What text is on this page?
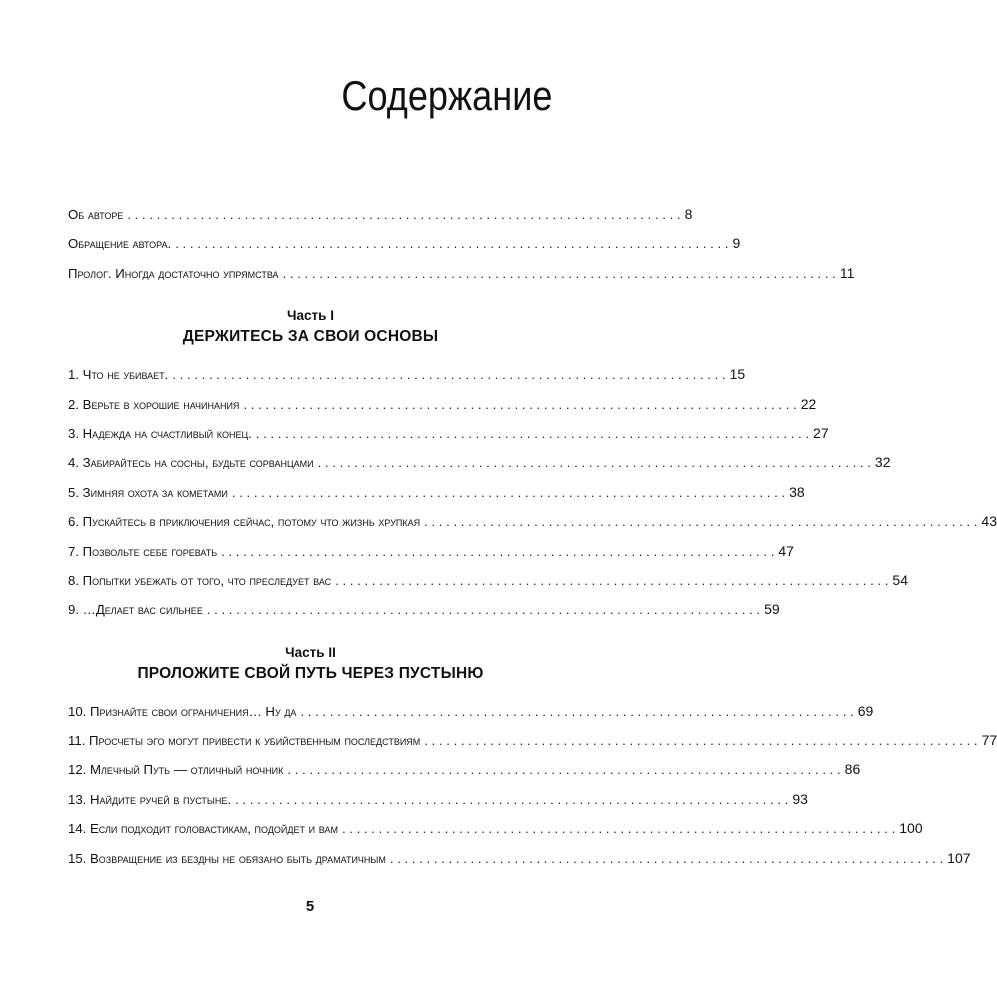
Содержание
Об авторе . . .	8
Обращение автора. . . .	9
Пролог. Иногда достаточно упрямства . . .	11
Часть I
ДЕРЖИТЕСЬ ЗА СВОИ ОСНОВЫ
1. Что не убивает. . . .	15
2. Верьте в хорошие начинания . . .	22
3. Надежда на счастливый конец. . . .	27
4. Забирайтесь на сосны, будьте сорванцами . . .	32
5. Зимняя охота за кометами . . .	38
6. Пускайтесь в приключения сейчас, потому что жизнь хрупкая . . .	43
7. Позвольте себе горевать . . .	47
8. Попытки убежать от того, что преследует вас . . .	54
9. …Делает вас сильнее . . .	59
Часть II
ПРОЛОЖИТЕ СВОЙ ПУТЬ ЧЕРЕЗ ПУСТЫНЮ
10. Признайте свои ограничения… Ну да . . .	69
11. Просчеты эго могут привести к убийственным последствиям . . .	77
12. Млечный Путь — отличный ночник . . .	86
13. Найдите ручей в пустыне. . . .	93
14. Если подходит головастикам, подойдет и вам . . .	100
15. Возвращение из бездны не обязано быть драматичным . . .	107
5
